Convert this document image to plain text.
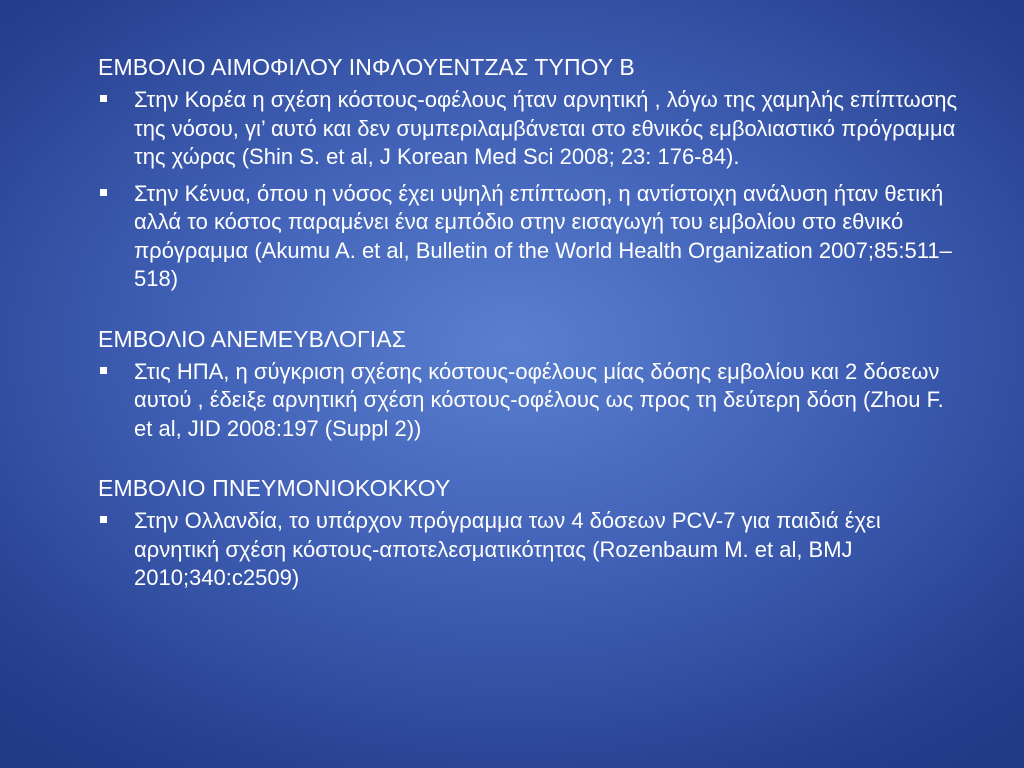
ΕΜΒΟΛΙΟ ΑΙΜΟΦΙΛΟΥ ΙΝΦΛΟΥΕΝΤΖΑΣ ΤΥΠΟΥ Β
Στην Κορέα η σχέση κόστους-οφέλους ήταν αρνητική , λόγω της χαμηλής επίπτωσης της νόσου, γι’ αυτό και δεν συμπεριλαμβάνεται στο εθνικός εμβολιαστικό πρόγραμμα της χώρας (Shin S. et al, J Korean Med Sci 2008; 23: 176-84).
Στην Κένυα, όπου η νόσος έχει υψηλή επίπτωση, η αντίστοιχη ανάλυση ήταν θετική αλλά το κόστος παραμένει ένα εμπόδιο στην εισαγωγή του εμβολίου στο εθνικό πρόγραμμα (Akumu A. et al, Bulletin of the World Health Organization 2007;85:511–518)
ΕΜΒΟΛΙΟ ΑΝΕΜΕΥΒΛΟΓΙΑΣ
Στις ΗΠΑ, η σύγκριση σχέσης κόστους-οφέλους μίας δόσης εμβολίου και 2 δόσεων αυτού , έδειξε αρνητική σχέση κόστους-οφέλους ως προς τη δεύτερη δόση (Zhou F. et al, JID 2008:197 (Suppl 2))
ΕΜΒΟΛΙΟ ΠΝΕΥΜΟΝΙΟΚΟΚΚΟΥ
Στην Ολλανδία, το υπάρχον πρόγραμμα των 4 δόσεων PCV-7 για παιδιά έχει αρνητική σχέση κόστους-αποτελεσματικότητας (Rozenbaum M. et al, BMJ 2010;340:c2509)
